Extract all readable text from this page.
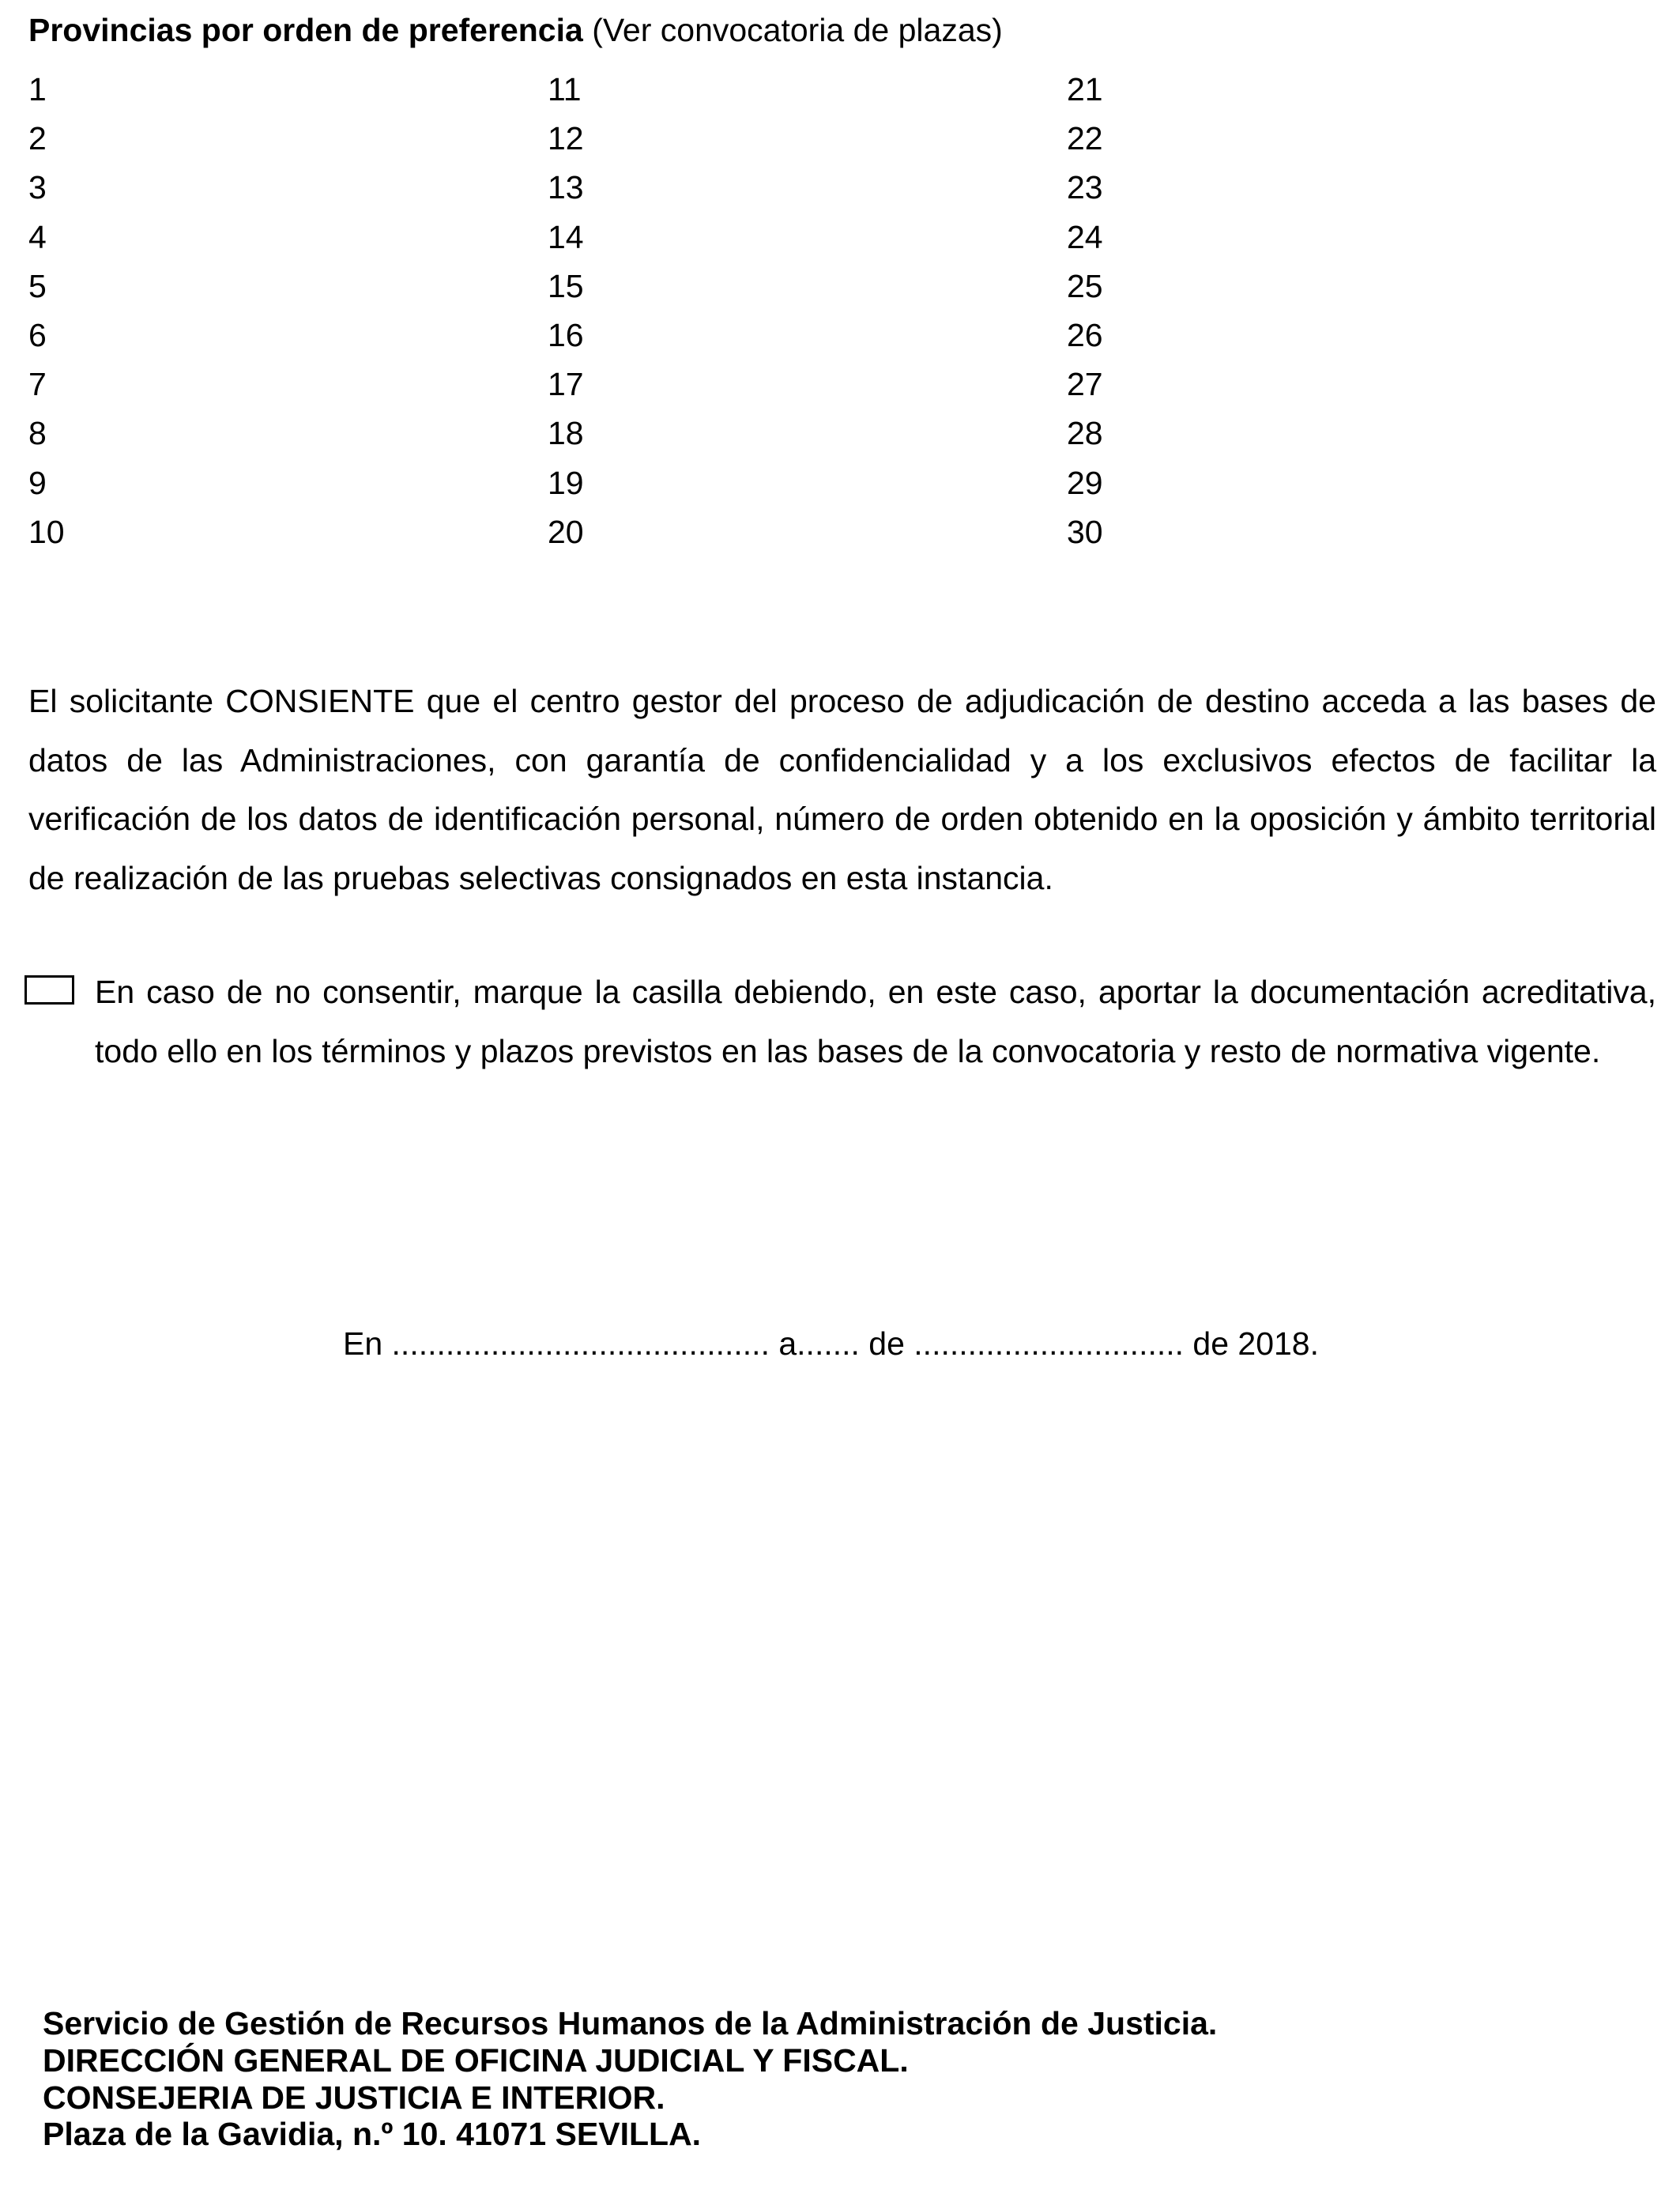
Provincias por orden de preferencia (Ver convocatoria de plazas)
1
2
3
4
5
6
7
8
9
10
11
12
13
14
15
16
17
18
19
20
21
22
23
24
25
26
27
28
29
30
El solicitante CONSIENTE que el centro gestor del proceso de adjudicación de destino acceda a las bases de datos de las Administraciones, con garantía de confidencialidad y a los exclusivos efectos de facilitar la verificación de los datos de identificación personal, número de orden obtenido en la oposición y ámbito territorial de realización de las pruebas selectivas consignados en esta instancia.
En caso de no consentir, marque la casilla debiendo, en este caso, aportar la documentación acreditativa, todo ello en los términos y plazos previstos en las bases de la convocatoria y resto de normativa vigente.
En .......................................... a....... de .............................. de 2018.
Servicio de Gestión de Recursos Humanos de la Administración de Justicia.
DIRECCIÓN GENERAL DE OFICINA JUDICIAL Y FISCAL.
CONSEJERIA DE JUSTICIA E INTERIOR.
Plaza de la Gavidia, n.º 10. 41071 SEVILLA.
